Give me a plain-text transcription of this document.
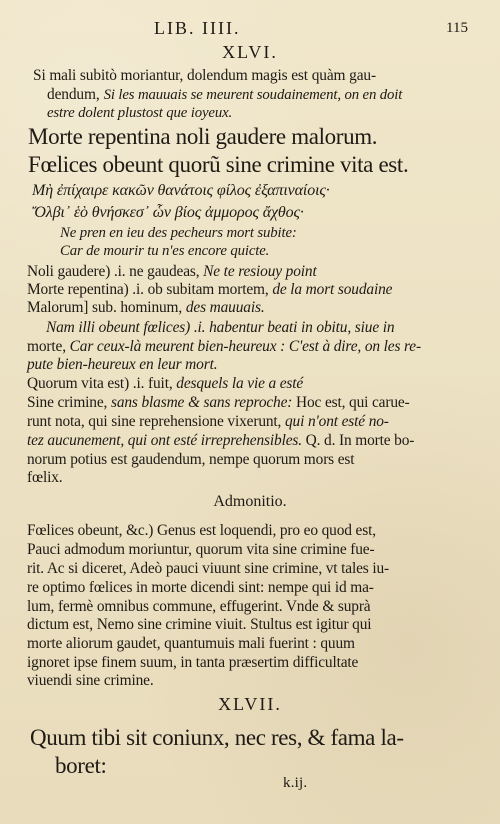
LIB. IIII.	115
XLVI.
Si mali subitò moriantur, dolendum magis est quàm gau-
dendum, Si les mauuais se meurent soudainement, on en doit
estre dolent plustost que ioyeux.
Morte repentina noli gaudere malorum.
Fœlices obeunt quorũ sine crimine vita est.
Μὴ ἐπίχαιρε κακῶν θανάτοις φίλος ἐξαπιναίοις·
Ὄλβι᾽ ἑὸ θνήσκεσ᾽ ὧν βίος ἀμμορος ἄχθος·
Ne pren en ieu des pecheurs mort subite:
Car de mourir tu n'es encore quicte.
Noli gaudere) .i. ne gaudeas, Ne te resiouy point
Morte repentina) .i. ob subitam mortem, de la mort soudaine
Malorum] sub. hominum, des mauuais.
Nam illi obeunt fœlices) .i. habentur beati in obitu, siue in
morte, Car ceux-là meurent bien-heureux : C'est à dire, on les re-
pute bien-heureux en leur mort.
Quorum vita est) .i. fuit, desquels la vie a esté
Sine crimine, sans blasme & sans reproche: Hoc est, qui carue-
runt nota, qui sine reprehensione vixerunt, qui n'ont esté no-
tez aucunement, qui ont esté irreprehensibles. Q. d. In morte bo-
norum potius est gaudendum, nempe quorum mors est
fœlix.
Admonitio.
Fœlices obeunt, &c.) Genus est loquendi, pro eo quod est,
Pauci admodum moriuntur, quorum vita sine crimine fue-
rit. Ac si diceret, Adeò pauci viuunt sine crimine, vt tales iu-
re optimo fœlices in morte dicendi sint: nempe qui id ma-
lum, fermè omnibus commune, effugerint. Vnde & suprà
dictum est, Nemo sine crimine viuit. Stultus est igitur qui
morte aliorum gaudet, quantumuis mali fuerint : quum
ignoret ipse finem suum, in tanta præsertim difficultate
viuendi sine crimine.
XLVII.
Quum tibi sit coniunx, nec res, & fama la-
boret:
k.ij.
